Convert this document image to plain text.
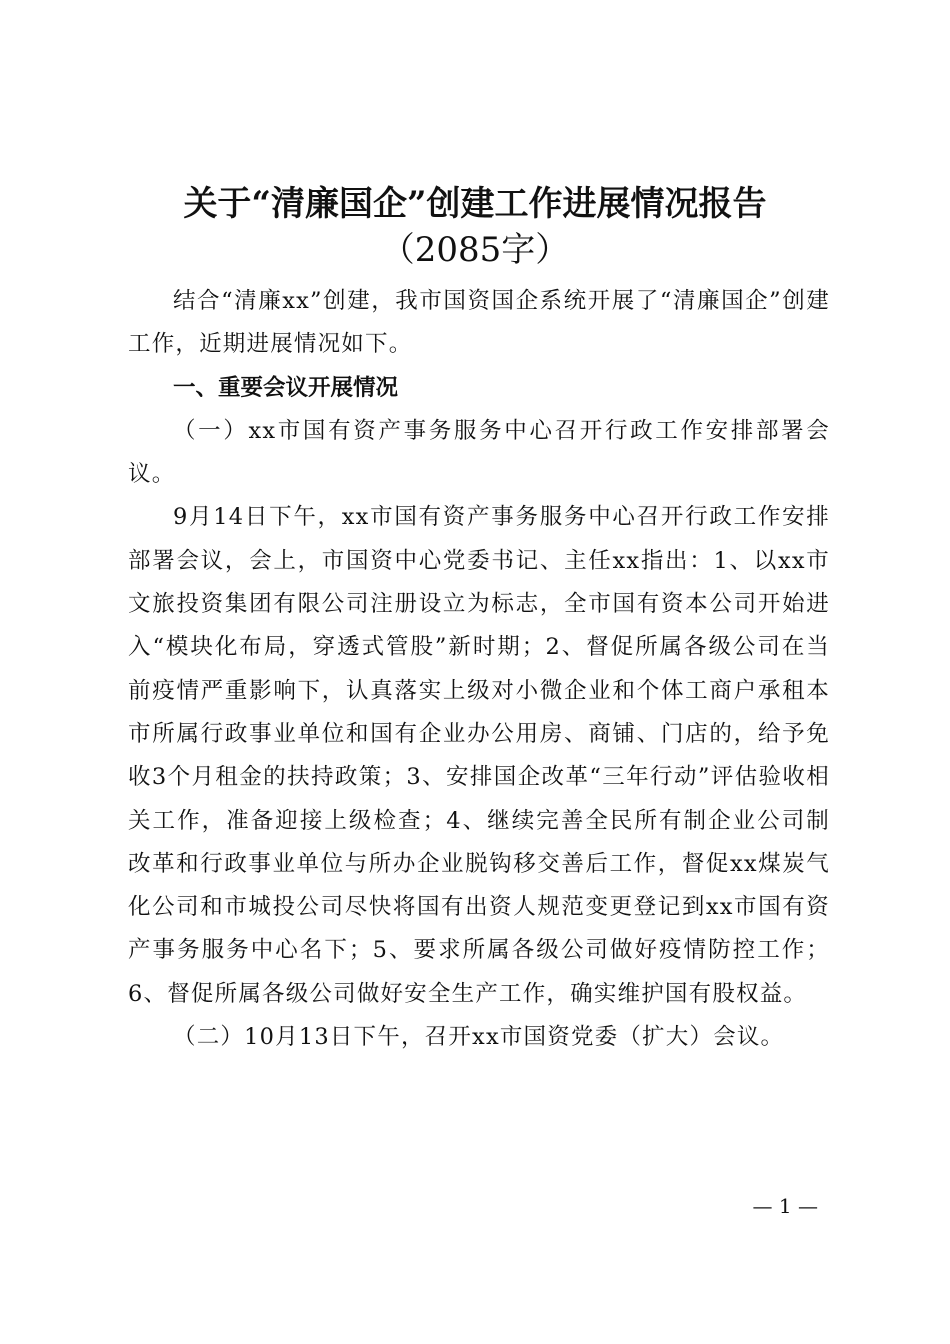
关于“清廉国企”创建工作进展情况报告
（2085字）

结合“清廉xx”创建，我市国资国企系统开展了“清廉国企”创建工作，近期进展情况如下。

一、重要会议开展情况

（一）xx市国有资产事务服务中心召开行政工作安排部署会议。

9月14日下午，xx市国有资产事务服务中心召开行政工作安排部署会议，会上，市国资中心党委书记、主任xx指出：1、以xx市文旅投资集团有限公司注册设立为标志，全市国有资本公司开始进入“模块化布局，穿透式管股”新时期；2、督促所属各级公司在当前疫情严重影响下，认真落实上级对小微企业和个体工商户承租本市所属行政事业单位和国有企业办公用房、商铺、门店的，给予免收3个月租金的扶持政策；3、安排国企改革“三年行动”评估验收相关工作，准备迎接上级检查；4、继续完善全民所有制企业公司制改革和行政事业单位与所办企业脱钩移交善后工作，督促xx煤炭气化公司和市城投公司尽快将国有出资人规范变更登记到xx市国有资产事务服务中心名下；5、要求所属各级公司做好疫情防控工作；6、督促所属各级公司做好安全生产工作，确实维护国有股权益。

（二）10月13日下午，召开xx市国资党委（扩大）会议。

— 1 —
